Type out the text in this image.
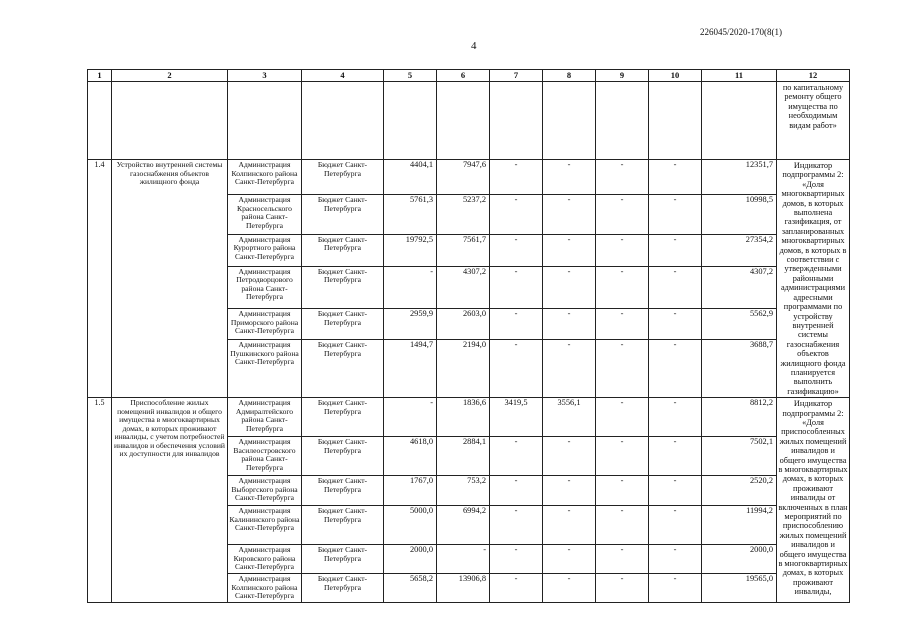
226045/2020-170(8(1)
4
1	2	3	4	5	6	7	8	9	10	11	12
											по капитальному ремонту общего имущества по необходимым видам работ»
1.4	Устройство внутренней системы газоснабжения объектов жилищного фонда	Администрация Колпинского района Санкт-Петербурга	Бюджет Санкт-Петербурга	4404,1	7947,6	-	-	-	-	12351,7	Индикатор подпрограммы 2: «Доля многоквартирных домов, в которых выполнена газификация, от запланированных многоквартирных домов, в которых в соответствии с утвержденными районными администрациями адресными программами по устройству внутренней системы газоснабжения объектов жилищного фонда планируется выполнить газификацию»
		Администрация Красносельского района Санкт-Петербурга	Бюджет Санкт-Петербурга	5761,3	5237,2	-	-	-	-	10998,5	
		Администрация Курортного района Санкт-Петербурга	Бюджет Санкт-Петербурга	19792,5	7561,7	-	-	-	-	27354,2	
		Администрация Петродворцового района Санкт-Петербурга	Бюджет Санкт-Петербурга	-	4307,2	-	-	-	-	4307,2	
		Администрация Приморского района Санкт-Петербурга	Бюджет Санкт-Петербурга	2959,9	2603,0	-	-	-	-	5562,9	
		Администрация Пушкинского района Санкт-Петербурга	Бюджет Санкт-Петербурга	1494,7	2194,0	-	-	-	-	3688,7	
1.5	Приспособление жилых помещений инвалидов и общего имущества в многоквартирных домах, в которых проживают инвалиды, с учетом потребностей инвалидов и обеспечения условий их доступности для инвалидов	Администрация Адмиралтейского района Санкт-Петербурга	Бюджет Санкт-Петербурга	-	1836,6	3419,5	3556,1	-	-	8812,2	Индикатор подпрограммы 2: «Доля приспособленных жилых помещений инвалидов и общего имущества в многоквартирных домах, в которых проживают инвалиды от включенных в план мероприятий по приспособлению жилых помещений инвалидов и общего имущества в многоквартирных домах, в которых проживают инвалиды,
		Администрация Василеостровского района Санкт-Петербурга	Бюджет Санкт-Петербурга	4618,0	2884,1	-	-	-	-	7502,1	
		Администрация Выборгского района Санкт-Петербурга	Бюджет Санкт-Петербурга	1767,0	753,2	-	-	-	-	2520,2	
		Администрация Калининского района Санкт-Петербурга	Бюджет Санкт-Петербурга	5000,0	6994,2	-	-	-	-	11994,2	
		Администрация Кировского района Санкт-Петербурга	Бюджет Санкт-Петербурга	2000,0	-	-	-	-	-	2000,0	
		Администрация Колпинского района Санкт-Петербурга	Бюджет Санкт-Петербурга	5658,2	13906,8	-	-	-	-	19565,0	
